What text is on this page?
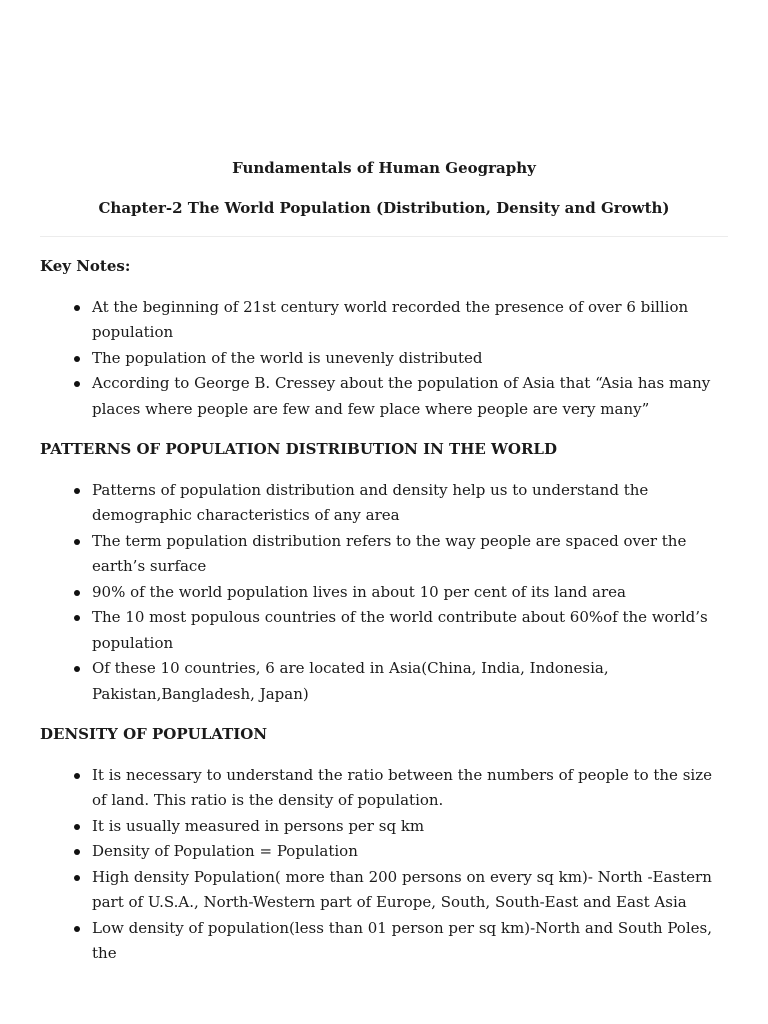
Fundamentals of Human Geography

Chapter-2 The World Population (Distribution, Density and Growth)

Key Notes:

At the beginning of 21st century world recorded the presence of over 6 billion population
The population of the world is unevenly distributed
According to George B. Cressey about the population of Asia that “Asia has many places where people are few and few place where people are very many”

PATTERNS OF POPULATION DISTRIBUTION IN THE WORLD

Patterns of population distribution and density help us to understand the demographic characteristics of any area
The term population distribution refers to the way people are spaced over the earth’s surface
90% of the world population lives in about 10 per cent of its land area
The 10 most populous countries of the world contribute about 60%of the world’s population
Of these 10 countries, 6 are located in Asia(China, India, Indonesia, Pakistan,Bangladesh, Japan)

DENSITY OF POPULATION

It is necessary to understand the ratio between the numbers of people to the size of land. This ratio is the density of population.
It is usually measured in persons per sq km
Density of Population = Population
High density Population( more than 200 persons on every sq km)- North -Eastern part of U.S.A., North-Western part of Europe, South, South-East and East Asia
Low density of population(less than 01 person per sq km)-North and South Poles, the
